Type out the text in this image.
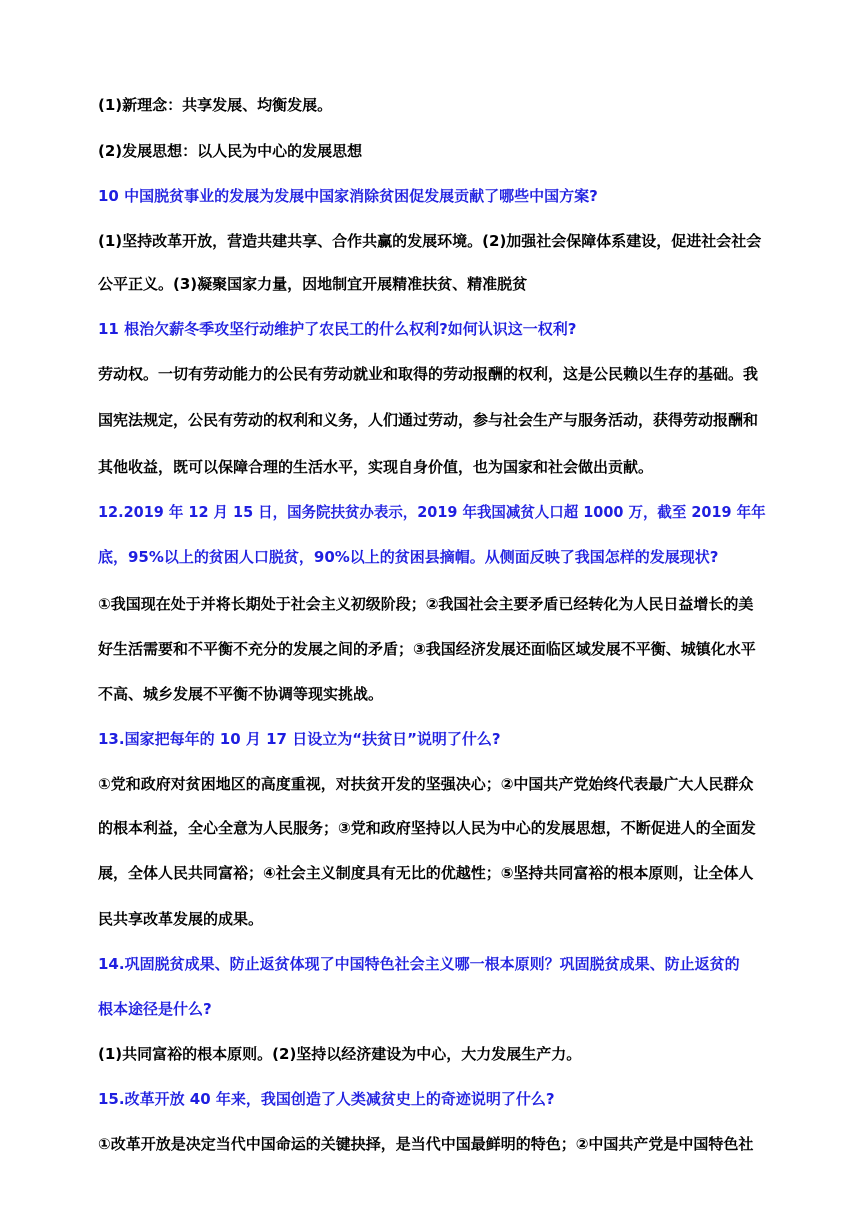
(1)新理念：共享发展、均衡发展。
(2)发展思想：以人民为中心的发展思想
10 中国脱贫事业的发展为发展中国家消除贫困促发展贡献了哪些中国方案?
(1)坚持改革开放，营造共建共享、合作共赢的发展环境。(2)加强社会保障体系建设，促进社会社会
公平正义。(3)凝聚国家力量，因地制宜开展精准扶贫、精准脱贫
11 根治欠薪冬季攻坚行动维护了农民工的什么权利?如何认识这一权利?
劳动权。一切有劳动能力的公民有劳动就业和取得的劳动报酬的权利，这是公民赖以生存的基础。我
国宪法规定，公民有劳动的权利和义务，人们通过劳动，参与社会生产与服务活动，获得劳动报酬和
其他收益，既可以保障合理的生活水平，实现自身价值，也为国家和社会做出贡献。
12.2019 年 12 月 15 日，国务院扶贫办表示，2019 年我国减贫人口超 1000 万，截至 2019 年年
底，95%以上的贫困人口脱贫，90%以上的贫困县摘帽。从侧面反映了我国怎样的发展现状?
①我国现在处于并将长期处于社会主义初级阶段；②我国社会主要矛盾已经转化为人民日益增长的美
好生活需要和不平衡不充分的发展之间的矛盾；③我国经济发展还面临区域发展不平衡、城镇化水平
不高、城乡发展不平衡不协调等现实挑战。
13.国家把每年的 10 月 17 日设立为“扶贫日”说明了什么?
①党和政府对贫困地区的高度重视，对扶贫开发的坚强决心；②中国共产党始终代表最广大人民群众
的根本利益，全心全意为人民服务；③党和政府坚持以人民为中心的发展思想，不断促进人的全面发
展，全体人民共同富裕；④社会主义制度具有无比的优越性；⑤坚持共同富裕的根本原则，让全体人
民共享改革发展的成果。
14.巩固脱贫成果、防止返贫体现了中国特色社会主义哪一根本原则？巩固脱贫成果、防止返贫的
根本途径是什么?
(1)共同富裕的根本原则。(2)坚持以经济建设为中心，大力发展生产力。
15.改革开放 40 年来，我国创造了人类减贫史上的奇迹说明了什么?
①改革开放是决定当代中国命运的关键抉择，是当代中国最鲜明的特色；②中国共产党是中国特色社
